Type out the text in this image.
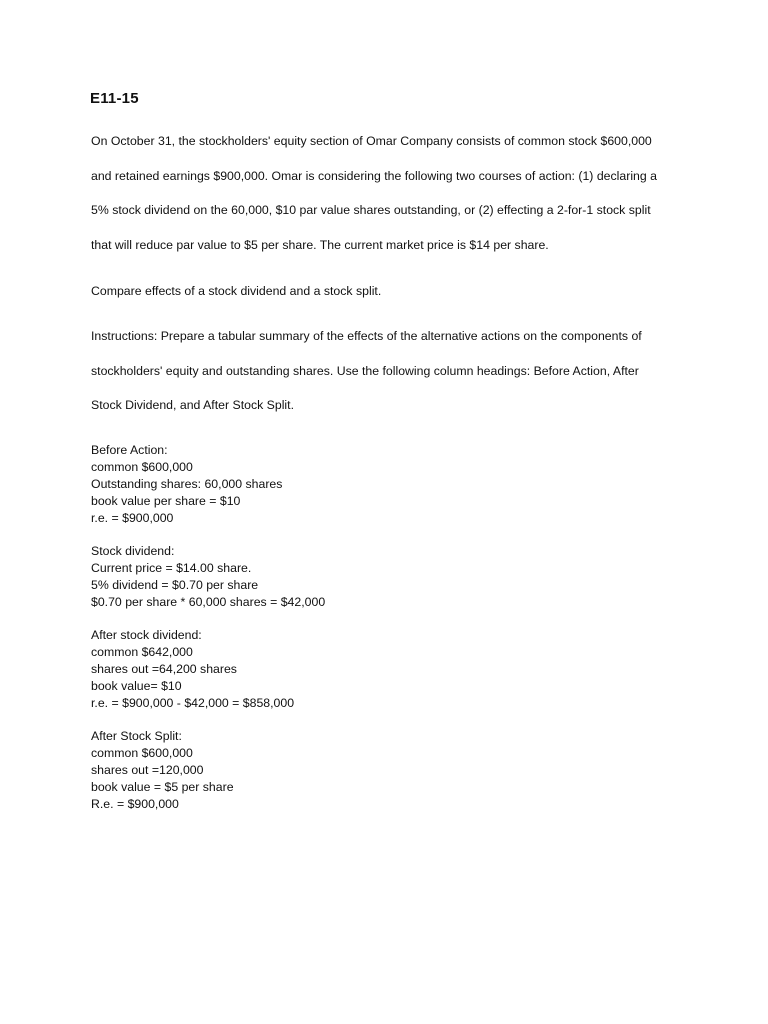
E11-15
On October 31, the stockholders' equity section of Omar Company consists of common stock $600,000
and retained earnings $900,000. Omar is considering the following two courses of action: (1) declaring a
5% stock dividend on the 60,000, $10 par value shares outstanding, or (2) effecting a 2-for-1 stock split
that will reduce par value to $5 per share. The current market price is $14 per share.
Compare effects of a stock dividend and a stock split.
Instructions: Prepare a tabular summary of the effects of the alternative actions on the components of
stockholders' equity and outstanding shares. Use the following column headings: Before Action, After
Stock Dividend, and After Stock Split.
Before Action:
common $600,000
Outstanding shares: 60,000 shares
book value per share = $10
r.e. = $900,000
Stock dividend:
Current price = $14.00 share.
5% dividend = $0.70 per share
$0.70 per share * 60,000 shares = $42,000
After stock dividend:
common $642,000
shares out =64,200 shares
book value= $10
r.e. = $900,000 - $42,000 = $858,000
After Stock Split:
common $600,000
shares out =120,000
book value = $5 per share
R.e. = $900,000
